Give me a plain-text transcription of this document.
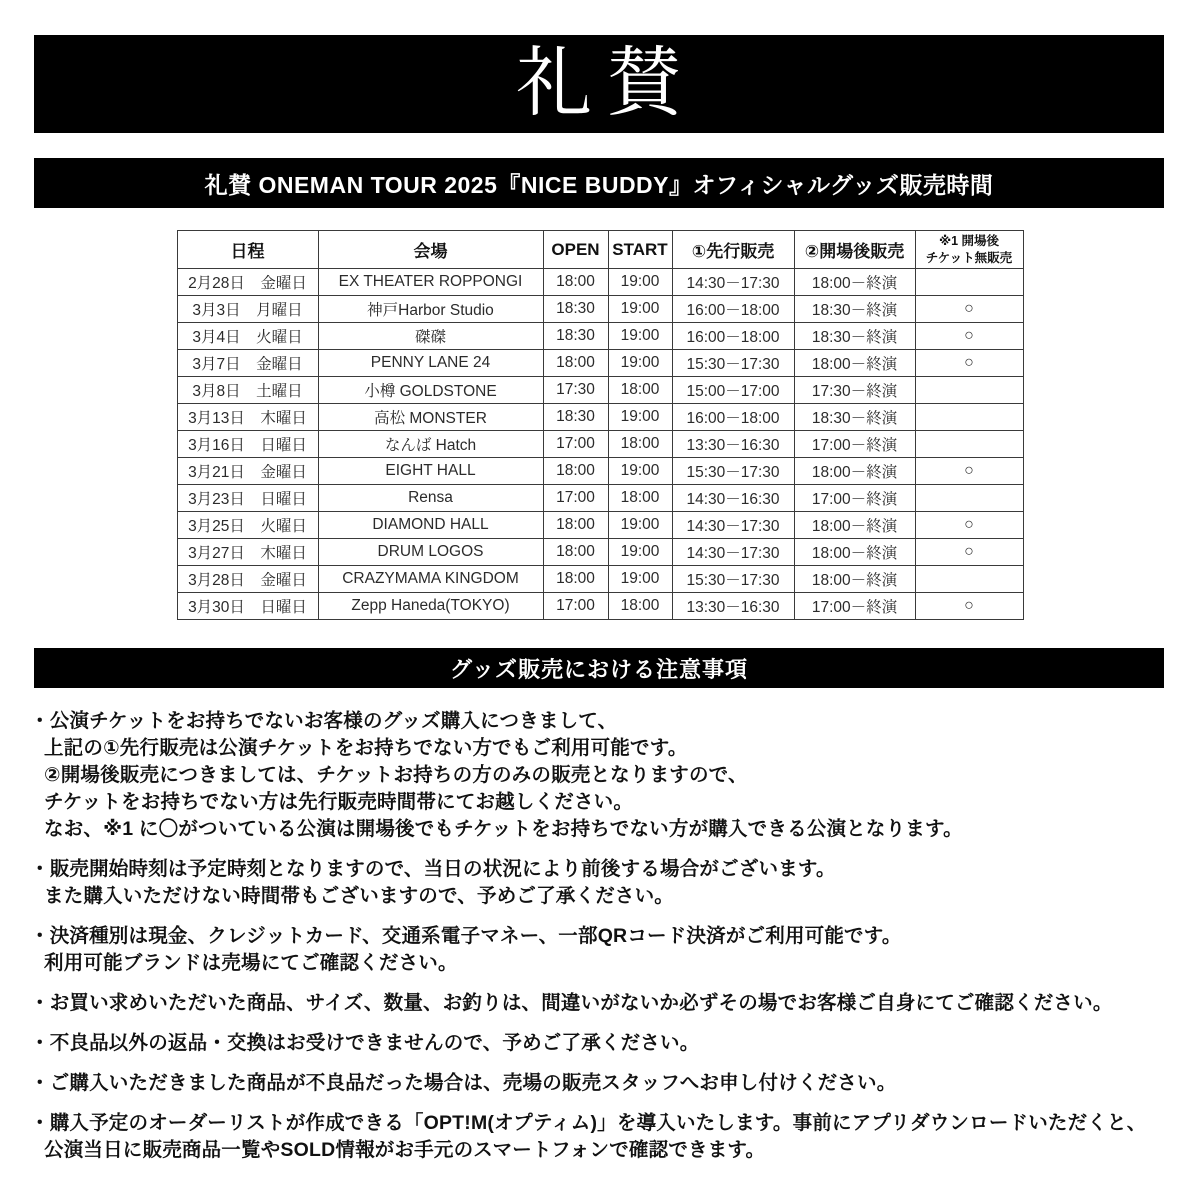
礼賛
礼賛 ONEMAN TOUR 2025『NICE BUDDY』オフィシャルグッズ販売時間
日程	会場	OPEN	START	①先行販売	②開場後販売	※1 開場後
チケット無販売

2月28日　金曜日	EX THEATER ROPPONGI	18:00	19:00	14:30－17:30	18:00－終演	
3月3日　月曜日	神戸Harbor Studio	18:30	19:00	16:00－18:00	18:30－終演	○
3月4日　火曜日	磔磔	18:30	19:00	16:00－18:00	18:30－終演	○
3月7日　金曜日	PENNY LANE 24	18:00	19:00	15:30－17:30	18:00－終演	○
3月8日　土曜日	小樽 GOLDSTONE	17:30	18:00	15:00－17:00	17:30－終演	
3月13日　木曜日	高松 MONSTER	18:30	19:00	16:00－18:00	18:30－終演	
3月16日　日曜日	なんば Hatch	17:00	18:00	13:30－16:30	17:00－終演	
3月21日　金曜日	EIGHT HALL	18:00	19:00	15:30－17:30	18:00－終演	○
3月23日　日曜日	Rensa	17:00	18:00	14:30－16:30	17:00－終演	
3月25日　火曜日	DIAMOND HALL	18:00	19:00	14:30－17:30	18:00－終演	○
3月27日　木曜日	DRUM LOGOS	18:00	19:00	14:30－17:30	18:00－終演	○
3月28日　金曜日	CRAZYMAMA KINGDOM	18:00	19:00	15:30－17:30	18:00－終演	
3月30日　日曜日	Zepp Haneda(TOKYO)	17:00	18:00	13:30－16:30	17:00－終演	○
グッズ販売における注意事項
・公演チケットをお持ちでないお客様のグッズ購入につきまして、
上記の①先行販売は公演チケットをお持ちでない方でもご利用可能です。
②開場後販売につきましては、チケットお持ちの方のみの販売となりますので、
チケットをお持ちでない方は先行販売時間帯にてお越しください。
なお、※1 に〇がついている公演は開場後でもチケットをお持ちでない方が購入できる公演となります。
・販売開始時刻は予定時刻となりますので、当日の状況により前後する場合がございます。
また購入いただけない時間帯もございますので、予めご了承ください。
・決済種別は現金、クレジットカード、交通系電子マネー、一部QRコード決済がご利用可能です。
利用可能ブランドは売場にてご確認ください。
・お買い求めいただいた商品、サイズ、数量、お釣りは、間違いがないか必ずその場でお客様ご自身にてご確認ください。
・不良品以外の返品・交換はお受けできませんので、予めご了承ください。
・ご購入いただきました商品が不良品だった場合は、売場の販売スタッフへお申し付けください。
・購入予定のオーダーリストが作成できる「OPT!M(オプティム)」を導入いたします。事前にアプリダウンロードいただくと、
公演当日に販売商品一覧やSOLD情報がお手元のスマートフォンで確認できます。
